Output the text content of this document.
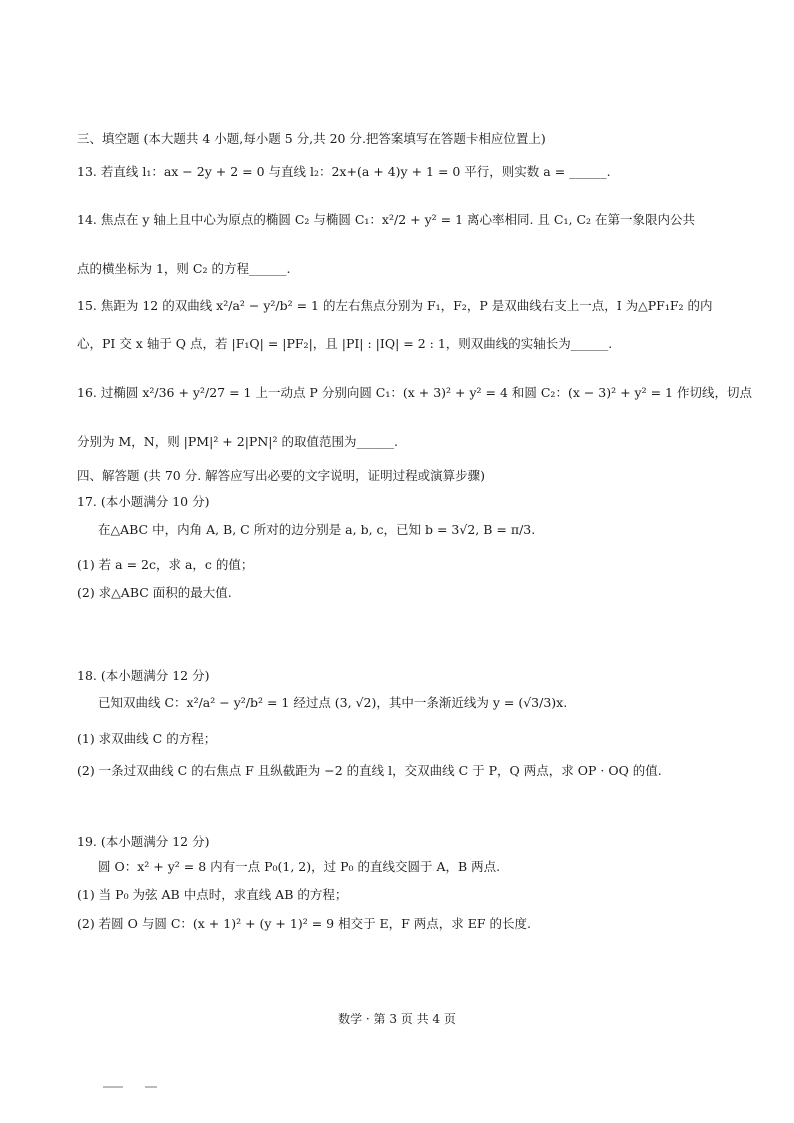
三、填空题 (本大题共 4 小题,每小题 5 分,共 20 分.把答案填写在答题卡相应位置上)
13. 若直线 l₁：ax − 2y + 2 = 0 与直线 l₂：2x+(a + 4)y + 1 = 0 平行，则实数 a = ______.
14. 焦点在 y 轴上且中心为原点的椭圆 C₂ 与椭圆 C₁：x²/2 + y² = 1 离心率相同. 且 C₁, C₂ 在第一象限内公共
点的横坐标为 1，则 C₂ 的方程______.
15. 焦距为 12 的双曲线 x²/a² − y²/b² = 1 的左右焦点分别为 F₁，F₂，P 是双曲线右支上一点，I 为△PF₁F₂ 的内
心，PI 交 x 轴于 Q 点，若 |F₁Q| = |PF₂|，且 |PI| : |IQ| = 2 : 1，则双曲线的实轴长为______.
16. 过椭圆 x²/36 + y²/27 = 1 上一动点 P 分别向圆 C₁：(x + 3)² + y² = 4 和圆 C₂：(x − 3)² + y² = 1 作切线，切点
分别为 M，N，则 |PM|² + 2|PN|² 的取值范围为______.
四、解答题 (共 70 分. 解答应写出必要的文字说明，证明过程或演算步骤)
17. (本小题满分 10 分)
在△ABC 中，内角 A, B, C 所对的边分别是 a, b, c，已知 b = 3√2, B = π/3.
(1) 若 a = 2c，求 a，c 的值；
(2) 求△ABC 面积的最大值.
18. (本小题满分 12 分)
已知双曲线 C：x²/a² − y²/b² = 1 经过点 (3, √2)，其中一条渐近线为 y = (√3/3)x.
(1) 求双曲线 C 的方程；
(2) 一条过双曲线 C 的右焦点 F 且纵截距为 −2 的直线 l，交双曲线 C 于 P，Q 两点，求 OP · OQ 的值.
19. (本小题满分 12 分)
圆 O：x² + y² = 8 内有一点 P₀(1, 2)，过 P₀ 的直线交圆于 A，B 两点.
(1) 当 P₀ 为弦 AB 中点时，求直线 AB 的方程；
(2) 若圆 O 与圆 C：(x + 1)² + (y + 1)² = 9 相交于 E，F 两点，求 EF 的长度.
数学 · 第 3 页 共 4 页
